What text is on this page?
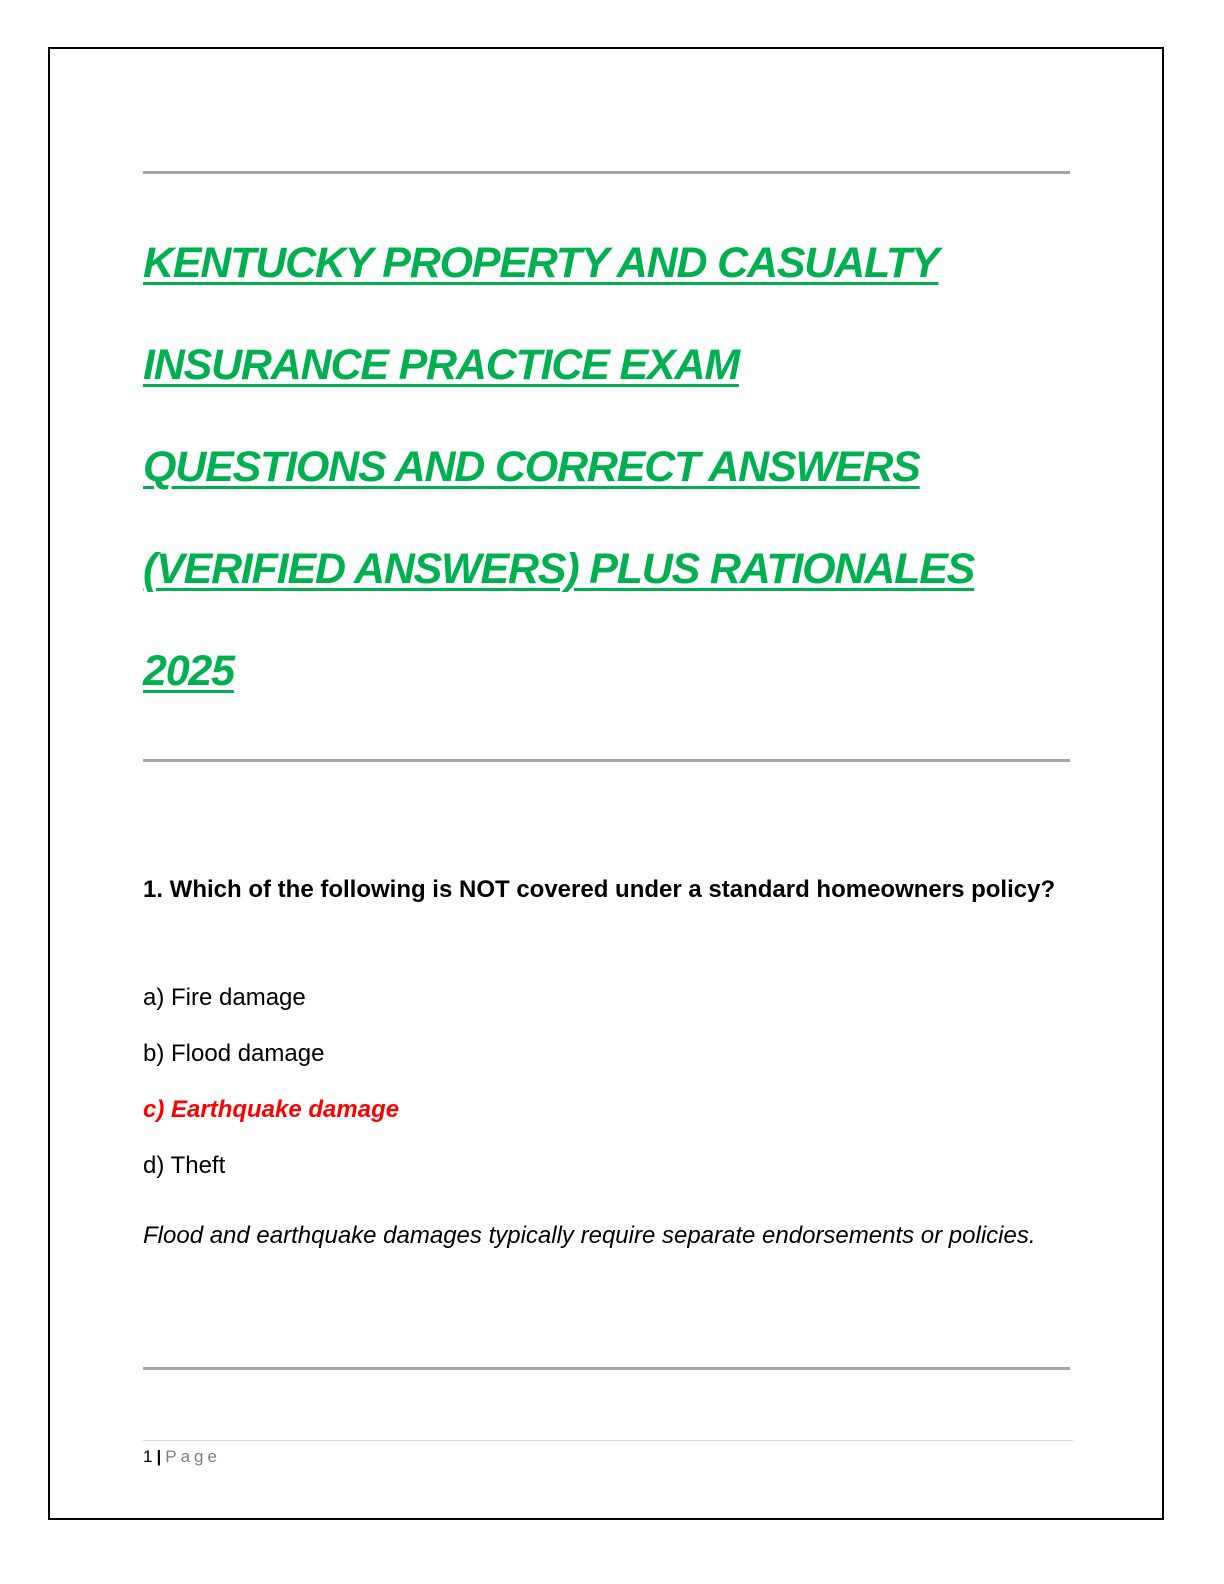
KENTUCKY PROPERTY AND CASUALTY
INSURANCE PRACTICE EXAM
QUESTIONS AND CORRECT ANSWERS
(VERIFIED ANSWERS) PLUS RATIONALES
2025

1. Which of the following is NOT covered under a standard homeowners policy?

a) Fire damage
b) Flood damage
c) Earthquake damage
d) Theft

Flood and earthquake damages typically require separate endorsements or policies.

1 | Page
